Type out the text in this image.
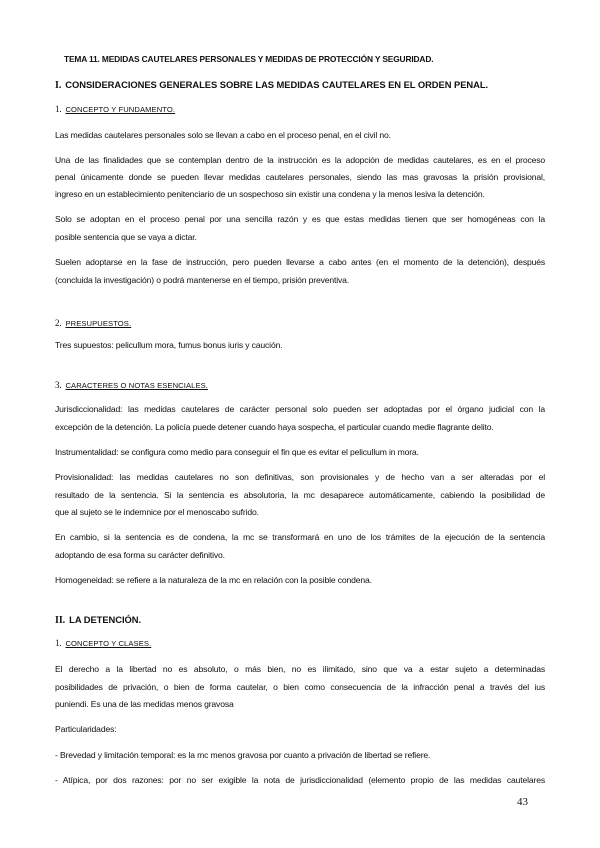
TEMA 11. MEDIDAS CAUTELARES PERSONALES Y MEDIDAS DE PROTECCIÓN Y SEGURIDAD.
I. CONSIDERACIONES GENERALES SOBRE LAS MEDIDAS CAUTELARES EN EL ORDEN PENAL.
1. CONCEPTO Y FUNDAMENTO.
Las medidas cautelares personales solo se llevan a cabo en el proceso penal, en el civil no.
Una de las finalidades que se contemplan dentro de la instrucción es la adopción de medidas cautelares, es en el proceso
penal únicamente donde se pueden llevar medidas cautelares personales, siendo las mas gravosas la prisión provisional,
ingreso en un establecimiento penitenciario de un sospechoso sin existir una condena y la menos lesiva la detención.
Solo se adoptan en el proceso penal por una sencilla razón y es que estas medidas tienen que ser homogéneas con la
posible sentencia que se vaya a dictar.
Suelen adoptarse en la fase de instrucción, pero pueden llevarse a cabo antes (en el momento de la detención), después
(concluida la investigación) o podrá mantenerse en el tiempo, prisión preventiva.
2. PRESUPUESTOS.
Tres supuestos: pelicullum mora, fumus bonus iuris y caución.
3. CARACTERES O NOTAS ESENCIALES.
Jurisdiccionalidad: las medidas cautelares de carácter personal solo pueden ser adoptadas por el órgano judicial con la
excepción de la detención. La policía puede detener cuando haya sospecha, el particular cuando medie flagrante delito.
Instrumentalidad: se configura como medio para conseguir el fin que es evitar el pelicullum in mora.
Provisionalidad: las medidas cautelares no son definitivas, son provisionales y de hecho van a ser alteradas por el
resultado de la sentencia. Si la sentencia es absolutoria, la mc desaparece automáticamente, cabiendo la posibilidad de
que al sujeto se le indemnice por el menoscabo sufrido.
En cambio, si la sentencia es de condena, la mc se transformará en uno de los trámites de la ejecución de la sentencia
adoptando de esa forma su carácter definitivo.
Homogeneidad: se refiere a la naturaleza de la mc en relación con la posible condena.
II. LA DETENCIÓN.
1. CONCEPTO Y CLASES.
El derecho a la libertad no es absoluto, o más bien, no es ilimitado, sino que va a estar sujeto a determinadas
posibilidades de privación, o bien de forma cautelar, o bien como consecuencia de la infracción penal a través del ius
puniendi. Es una de las medidas menos gravosa
Particularidades:
- Brevedad y limitación temporal: es la mc menos gravosa por cuanto a privación de libertad se refiere.
- Atípica, por dos razones: por no ser exigible la nota de jurisdiccionalidad (elemento propio de las medidas cautelares
43
